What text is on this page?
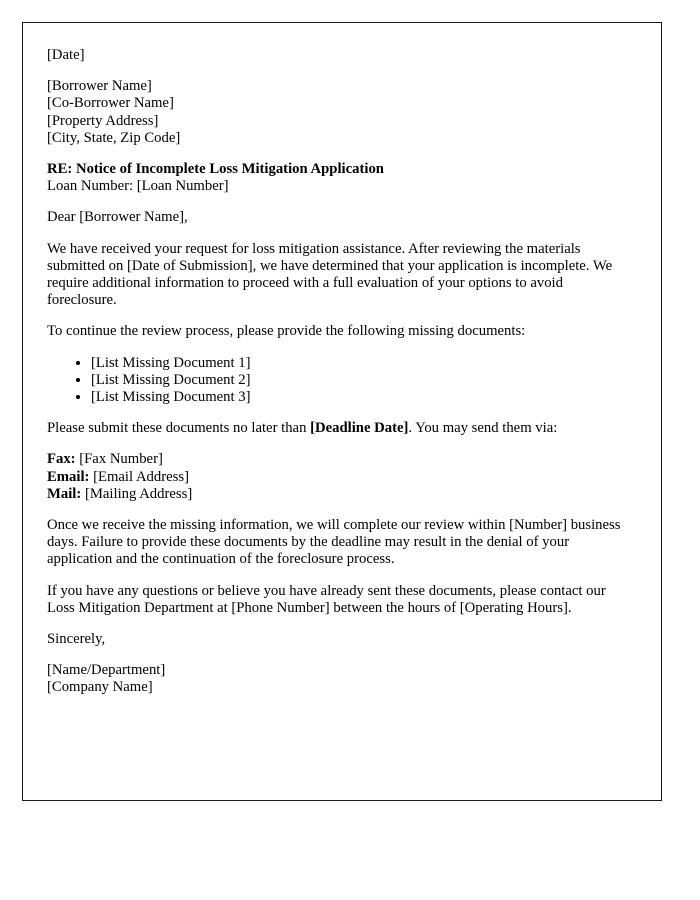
[Date]
[Borrower Name]
[Co-Borrower Name]
[Property Address]
[City, State, Zip Code]
RE: Notice of Incomplete Loss Mitigation Application
Loan Number: [Loan Number]
Dear [Borrower Name],

We have received your request for loss mitigation assistance. After reviewing the materials submitted on [Date of Submission], we have determined that your application is incomplete. We require additional information to proceed with a full evaluation of your options to avoid foreclosure.

To continue the review process, please provide the following missing documents:

• [List Missing Document 1]
• [List Missing Document 2]
• [List Missing Document 3]

Please submit these documents no later than [Deadline Date]. You may send them via:

Fax: [Fax Number]
Email: [Email Address]
Mail: [Mailing Address]

Once we receive the missing information, we will complete our review within [Number] business days. Failure to provide these documents by the deadline may result in the denial of your application and the continuation of the foreclosure process.

If you have any questions or believe you have already sent these documents, please contact our Loss Mitigation Department at [Phone Number] between the hours of [Operating Hours].

Sincerely,
[Name/Department]
[Company Name]
